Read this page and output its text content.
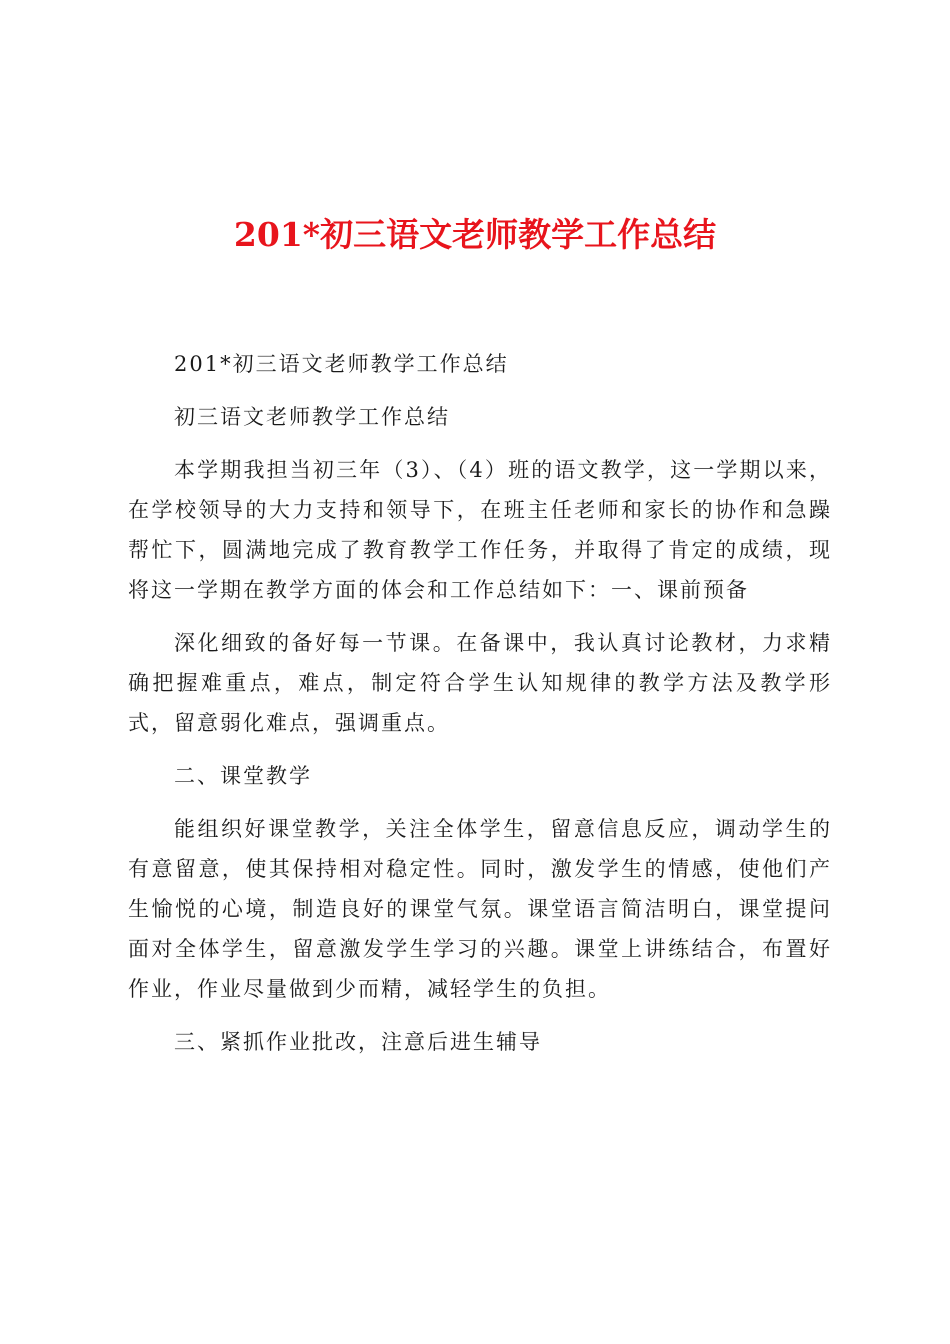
201*初三语文老师教学工作总结

201*初三语文老师教学工作总结

初三语文老师教学工作总结

本学期我担当初三年（3）、（4）班的语文教学，这一学期以来，在学校领导的大力支持和领导下，在班主任老师和家长的协作和急躁帮忙下，圆满地完成了教育教学工作任务，并取得了肯定的成绩，现将这一学期在教学方面的体会和工作总结如下：一、课前预备

深化细致的备好每一节课。在备课中，我认真讨论教材，力求精确把握难重点，难点，制定符合学生认知规律的教学方法及教学形式，留意弱化难点，强调重点。

二、课堂教学

能组织好课堂教学，关注全体学生，留意信息反应，调动学生的有意留意，使其保持相对稳定性。同时，激发学生的情感，使他们产生愉悦的心境，制造良好的课堂气氛。课堂语言简洁明白，课堂提问面对全体学生，留意激发学生学习的兴趣。课堂上讲练结合，布置好作业，作业尽量做到少而精，减轻学生的负担。

三、紧抓作业批改，注意后进生辅导
